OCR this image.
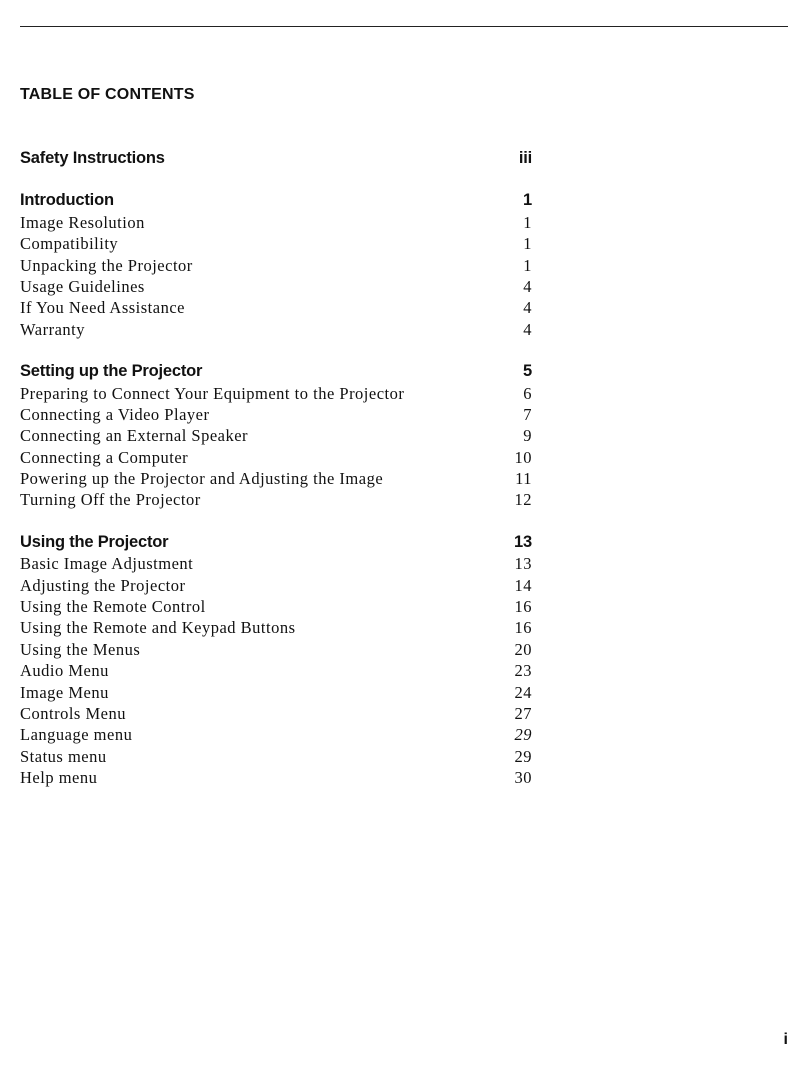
TABLE OF CONTENTS
Safety Instructions	iii
Introduction	1
Image Resolution	1
Compatibility	1
Unpacking the Projector	1
Usage Guidelines	4
If You Need Assistance	4
Warranty	4
Setting up the Projector	5
Preparing to Connect Your Equipment to the Projector	6
Connecting a Video Player	7
Connecting an External Speaker	9
Connecting a Computer	10
Powering up the Projector and Adjusting the Image	11
Turning Off the Projector	12
Using the Projector	13
Basic Image Adjustment	13
Adjusting the Projector	14
Using the Remote Control	16
Using the Remote and Keypad Buttons	16
Using the Menus	20
Audio Menu	23
Image Menu	24
Controls Menu	27
Language menu	29
Status menu	29
Help menu	30
i
